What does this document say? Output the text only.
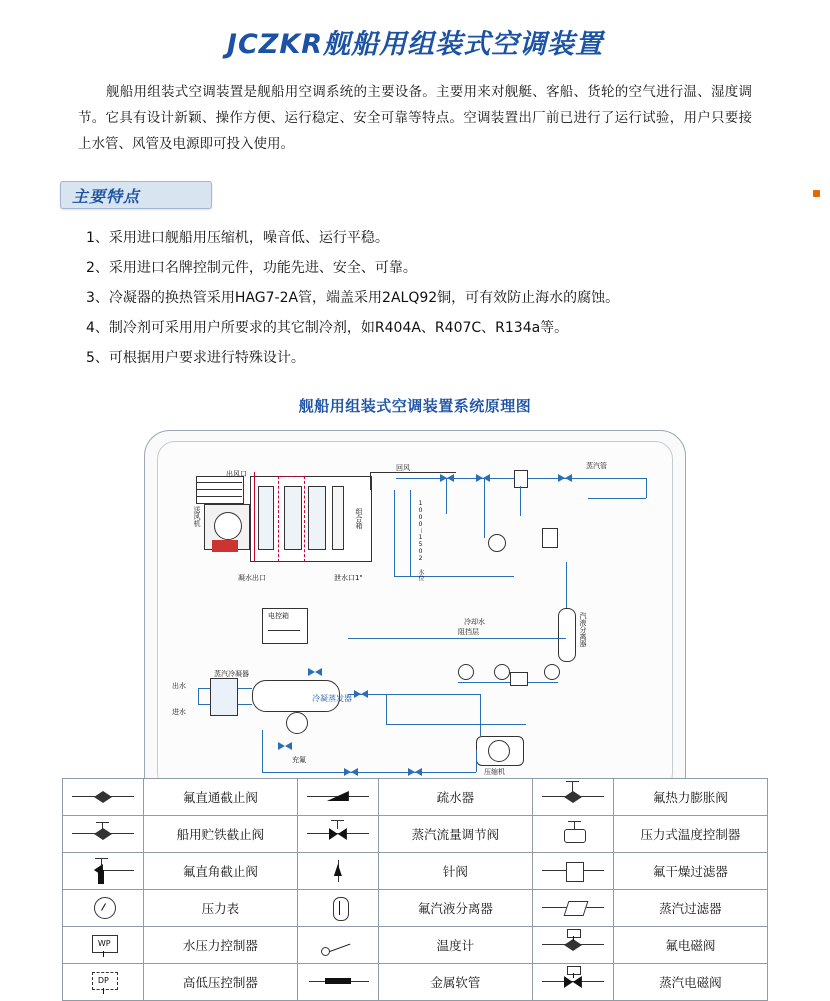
JCZKR舰船用组装式空调装置

舰船用组装式空调装置是舰船用空调系统的主要设备。主要用来对舰艇、客船、货轮的空气进行温、湿度调节。它具有设计新颖、操作方便、运行稳定、安全可靠等特点。空调装置出厂前已进行了运行试验，用户只要接上水管、风管及电源即可投入使用。

主要特点
1、采用进口舰船用压缩机，噪音低、运行平稳。
2、采用进口名牌控制元件，功能先进、安全、可靠。
3、冷凝器的换热管采用HAG7-2A管，端盖采用2ALQ92铜，可有效防止海水的腐蚀。
4、制冷剂可采用用户所要求的其它制冷剂，如R404A、R407C、R134a等。
5、可根据用户要求进行特殊设计。
舰船用组装式空调装置系统原理图
出风口
回风	蒸汽管
送风机	组合箱
凝水出口	泄水口1"	1000～1502 水位
电控箱
冷却水
阻挡层	汽液分离器
出水
进水
蒸汽冷凝器
冷凝蒸发器
充氟
压缩机
	氟直通截止阀		疏水器		氟热力膨胀阀

	船用贮铁截止阀		蒸汽流量调节阀		压力式温度控制器

	氟直角截止阀		针阀		氟干燥过滤器

	压力表		氟汽液分离器		蒸汽过滤器

WP	水压力控制器		温度计		氟电磁阀

DP	高低压控制器		金属软管		蒸汽电磁阀
